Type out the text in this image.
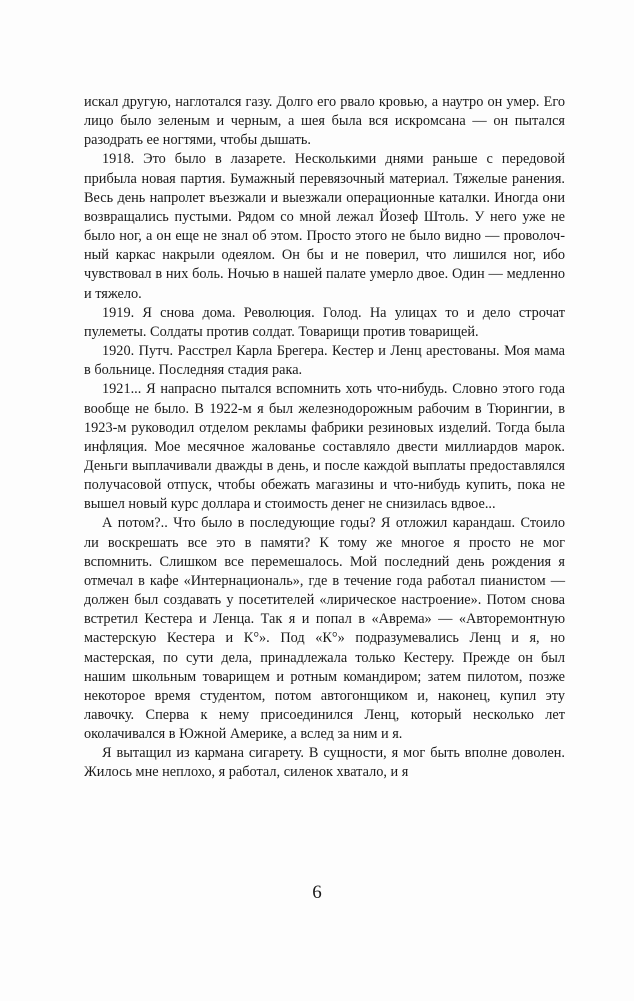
искал другую, наглотался газу. Долго его рвало кровью, а наутро он умер. Его лицо было зеленым и черным, а шея была вся искромсана — он пытался разодрать ее ногтями, чтобы дышать.

1918. Это было в лазарете. Несколькими днями раньше с передовой прибыла новая партия. Бумажный перевязочный материал. Тяжелые ранения. Весь день напролет въезжали и выезжали операционные каталки. Иногда они возвращались пустыми. Рядом со мной лежал Йозеф Штоль. У него уже не было ног, а он еще не знал об этом. Просто этого не было видно — проволочный каркас накрыли одеялом. Он бы и не поверил, что лишился ног, ибо чувствовал в них боль. Ночью в нашей палате умерло двое. Один — медленно и тяжело.

1919. Я снова дома. Революция. Голод. На улицах то и дело строчат пулеметы. Солдаты против солдат. Товарищи против товарищей.

1920. Путч. Расстрел Карла Брегера. Кестер и Ленц арестованы. Моя мама в больнице. Последняя стадия рака.

1921... Я напрасно пытался вспомнить хоть что-нибудь. Словно этого года вообще не было. В 1922-м я был железнодорожным рабочим в Тюрингии, в 1923-м руководил отделом рекламы фабрики резиновых изделий. Тогда была инфляция. Мое месячное жалованье составляло двести миллиардов марок. Деньги выплачивали дважды в день, и после каждой выплаты предоставлялся получасовой отпуск, чтобы обежать магазины и что-нибудь купить, пока не вышел новый курс доллара и стоимость денег не снизилась вдвое...

А потом?.. Что было в последующие годы? Я отложил карандаш. Стоило ли воскрешать все это в памяти? К тому же многое я просто не мог вспомнить. Слишком все перемешалось. Мой последний день рождения я отмечал в кафе «Интернациональ», где в течение года работал пианистом — должен был создавать у посетителей «лирическое настроение». Потом снова встретил Кестера и Ленца. Так я и попал в «Аврема» — «Авторемонтную мастерскую Кестера и К°». Под «К°» подразумевались Ленц и я, но мастерская, по сути дела, принадлежала только Кестеру. Прежде он был нашим школьным товарищем и ротным командиром; затем пилотом, позже некоторое время студентом, потом автогонщиком и, наконец, купил эту лавочку. Сперва к нему присоединился Ленц, который несколько лет околачивался в Южной Америке, а вслед за ним и я.

Я вытащил из кармана сигарету. В сущности, я мог быть вполне доволен. Жилось мне неплохо, я работал, силенок хватало, и я

6
